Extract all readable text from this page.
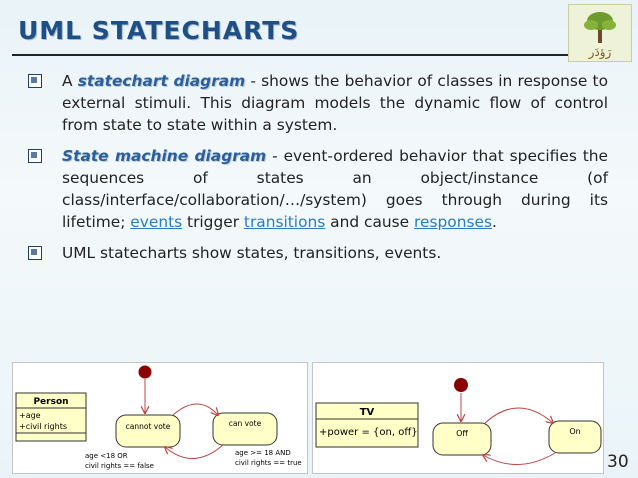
UML STATECHARTS
رَؤدَر
A statechart diagram - shows the behavior of classes in response to external stimuli. This diagram models the dynamic flow of control from state to state within a system.
State machine diagram - event-ordered behavior that specifies the sequences of states an object/instance (of class/interface/collaboration/…/system) goes through during its lifetime; events trigger transitions and cause responses.
UML statecharts show states, transitions, events.
Person
+age
+civil rights	cannot vote	can vote
age <18 OR
civil rights == false
age >= 18 AND
civil rights == true
TV
+power = {on, off}	Off	On
30
